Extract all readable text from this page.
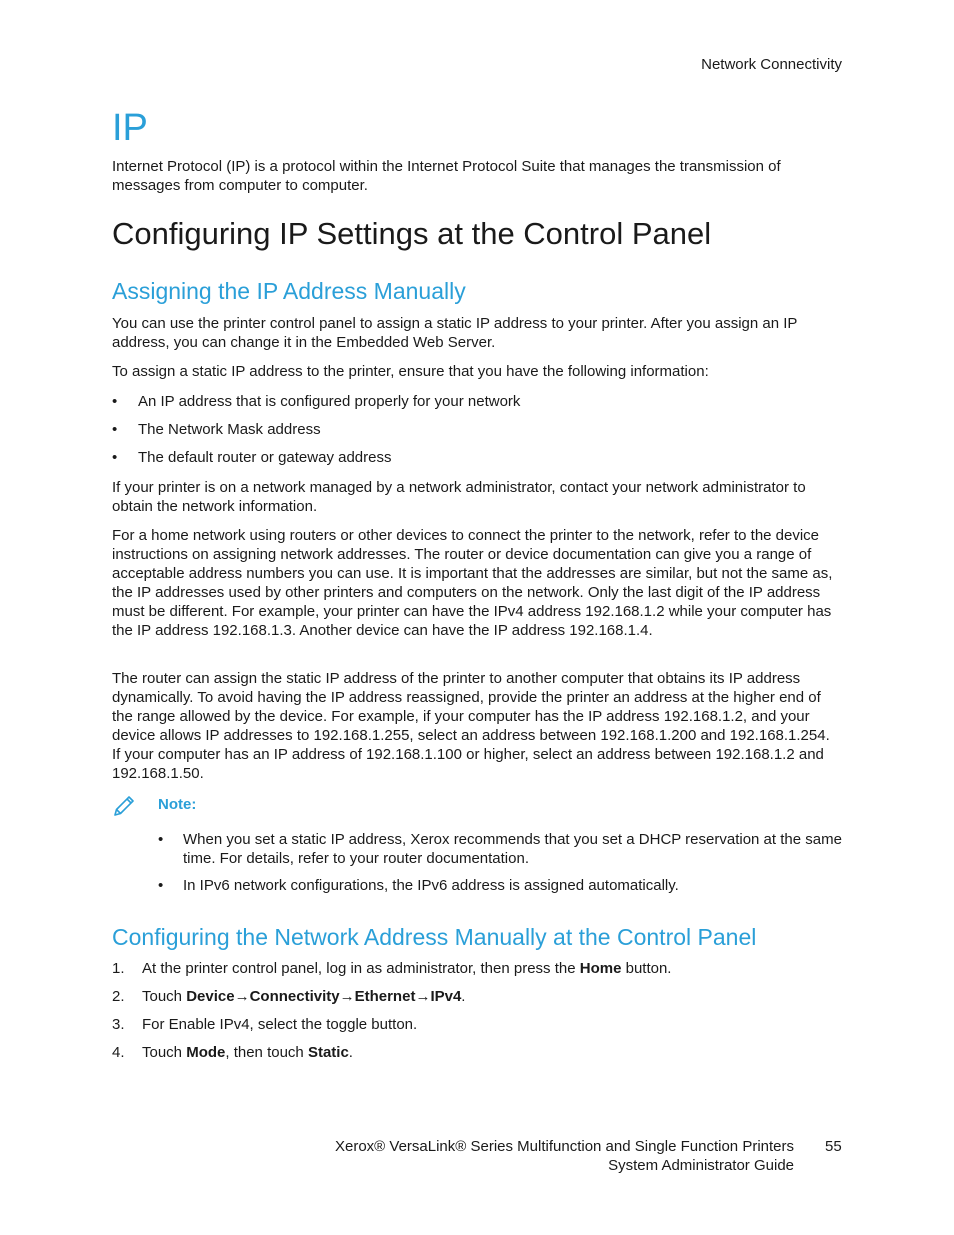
Network Connectivity
IP

Internet Protocol (IP) is a protocol within the Internet Protocol Suite that manages the transmission of messages from computer to computer.

Configuring IP Settings at the Control Panel
Assigning the IP Address Manually

You can use the printer control panel to assign a static IP address to your printer. After you assign an IP address, you can change it in the Embedded Web Server.

To assign a static IP address to the printer, ensure that you have the following information:

•	An IP address that is configured properly for your network
•	The Network Mask address
•	The default router or gateway address

If your printer is on a network managed by a network administrator, contact your network administrator to obtain the network information.

For a home network using routers or other devices to connect the printer to the network, refer to the device instructions on assigning network addresses. The router or device documentation can give you a range of acceptable address numbers you can use. It is important that the addresses are similar, but not the same as, the IP addresses used by other printers and computers on the network. Only the last digit of the IP address must be different. For example, your printer can have the IPv4 address 192.168.1.2 while your computer has the IP address 192.168.1.3. Another device can have the IP address 192.168.1.4.

The router can assign the static IP address of the printer to another computer that obtains its IP address dynamically. To avoid having the IP address reassigned, provide the printer an address at the higher end of the range allowed by the device. For example, if your computer has the IP address 192.168.1.2, and your device allows IP addresses to 192.168.1.255, select an address between 192.168.1.200 and 192.168.1.254. If your computer has an IP address of 192.168.1.100 or higher, select an address between 192.168.1.2 and 192.168.1.50.

Note:
• When you set a static IP address, Xerox recommends that you set a DHCP reservation at the same time. For details, refer to your router documentation.
• In IPv6 network configurations, the IPv6 address is assigned automatically.
Configuring the Network Address Manually at the Control Panel
1.	At the printer control panel, log in as administrator, then press the Home button.
2.	Touch Device→Connectivity→Ethernet→IPv4.
3.	For Enable IPv4, select the toggle button.
4.	Touch Mode, then touch Static.
Xerox® VersaLink® Series Multifunction and Single Function Printers
System Administrator Guide
55
